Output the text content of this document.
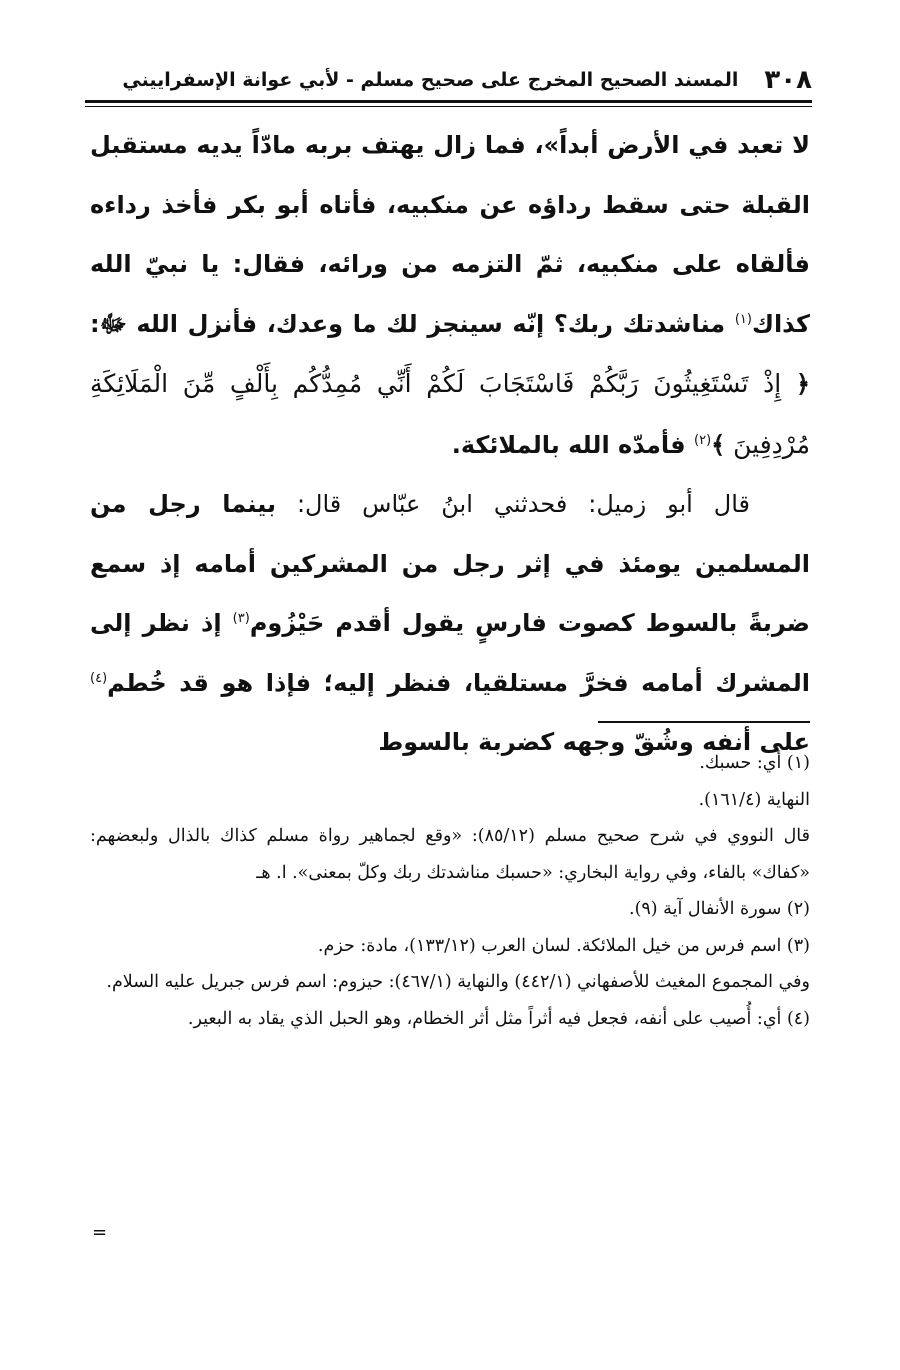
٣٠٨
المسند الصحيح المخرج على صحيح مسلم - لأبي عوانة الإسفراييني

لا تعبد في الأرض أبداً»، فما زال يهتف بربه مادّاً يديه مستقبل القبلة حتى سقط رداؤه عن منكبيه، فأتاه أبو بكر فأخذ رداءه فألقاه على منكبيه، ثمّ التزمه من ورائه، فقال: يا نبيّ الله كذاك$^{(١)}$ مناشدتك ربك؟ إنّه سينجز لك ما وعدك، فأنزل الله ﷻ: ﴿ إِذْ تَسْتَغِيثُونَ رَبَّكُمْ فَاسْتَجَابَ لَكُمْ أَنِّي مُمِدُّكُم بِأَلْفٍ مِّنَ الْمَلَائِكَةِ مُرْدِفِينَ ﴾$^{(٢)}$ فأمدّه الله بالملائكة.

قال أبو زميل: فحدثني ابنُ عبّاس قال: بينما رجل من المسلمين يومئذ في إثر رجل من المشركين أمامه إذ سمع ضربةً بالسوط كصوت فارسٍ يقول أقدم حَيْزُوم$^{(٣)}$ إذ نظر إلى المشرك أمامه فخرَّ مستلقيا، فنظر إليه؛ فإذا هو قد خُطم$^{(٤)}$ على أنفه وشُقّ وجهه كضربة بالسوط

(١) أي: حسبك.

النهاية (١٦١/٤).

قال النووي في شرح صحيح مسلم (٨٥/١٢): «وقع لجماهير رواة مسلم كذاك بالذال ولبعضهم: «كفاك» بالفاء، وفي رواية البخاري: «حسبك مناشدتك ربك وكلّ بمعنى». ا. هـ

(٢) سورة الأنفال آية (٩).

(٣) اسم فرس من خيل الملائكة. لسان العرب (١٣٣/١٢)، مادة: حزم.

وفي المجموع المغيث للأصفهاني (٤٤٢/١) والنهاية (٤٦٧/١): حيزوم: اسم فرس جبريل عليه السلام.

(٤) أي: أُصيب على أنفه، فجعل فيه أثراً مثل أثر الخطام، وهو الحبل الذي يقاد به البعير.

=
